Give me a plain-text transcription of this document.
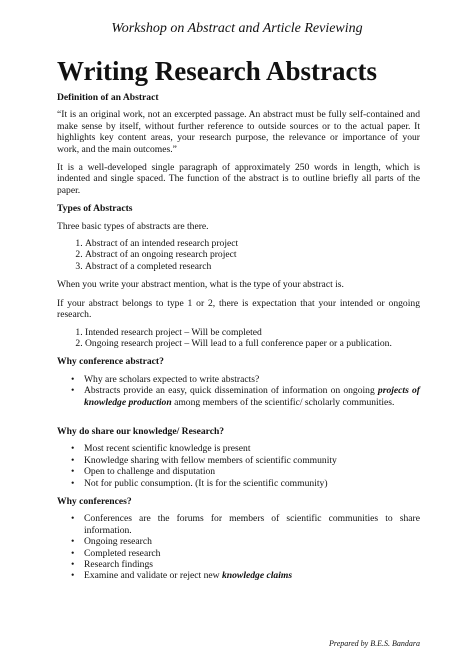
Workshop on Abstract and Article Reviewing
Writing Research Abstracts
Definition of an Abstract

“It is an original work, not an excerpted passage. An abstract must be fully self-contained and make sense by itself, without further reference to outside sources or to the actual paper. It highlights key content areas, your research purpose, the relevance or importance of your work, and the main outcomes.”

It is a well-developed single paragraph of approximately 250 words in length, which is indented and single spaced. The function of the abstract is to outline briefly all parts of the paper.

Types of Abstracts

Three basic types of abstracts are there.

1. Abstract of an intended research project
2. Abstract of an ongoing research project
3. Abstract of a completed research

When you write your abstract mention, what is the type of your abstract is.

If your abstract belongs to type 1 or 2, there is expectation that your intended or ongoing research.

1. Intended research project – Will be completed
2. Ongoing research project – Will lead to a full conference paper or a publication.
Why conference abstract?
• Why are scholars expected to write abstracts?
• Abstracts provide an easy, quick dissemination of information on ongoing projects of knowledge production among members of the scientific/ scholarly communities.
Why do share our knowledge/ Research?
• Most recent scientific knowledge is present
• Knowledge sharing with fellow members of scientific community
• Open to challenge and disputation
• Not for public consumption. (It is for the scientific community)
Why conferences?
• Conferences are the forums for members of scientific communities to share information.
• Ongoing research
• Completed research
• Research findings
• Examine and validate or reject new knowledge claims
Prepared by B.E.S. Bandara
